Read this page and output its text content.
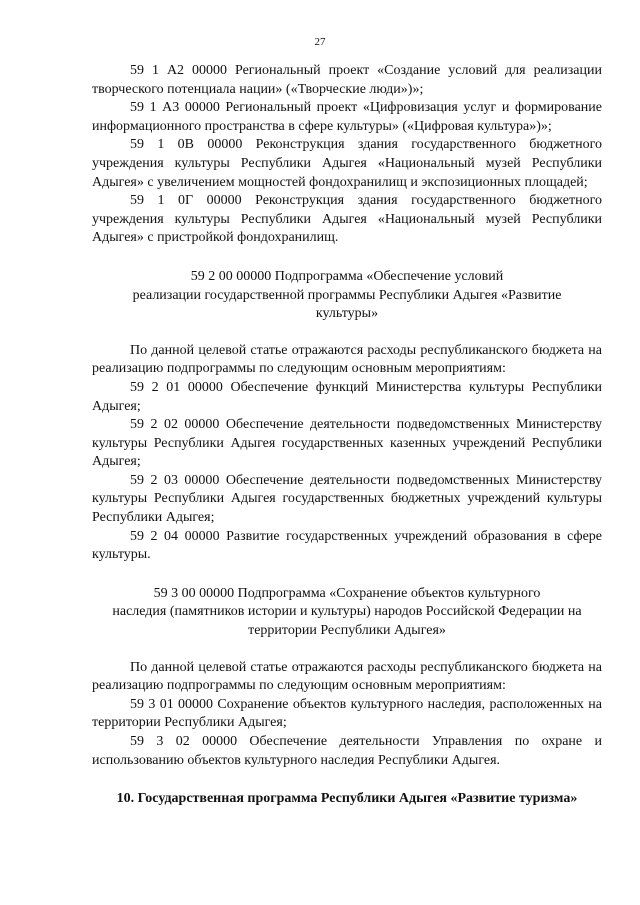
27

59 1 А2 00000 Региональный проект «Создание условий для реализации творческого потенциала нации» («Творческие люди»)»;

59 1 А3 00000 Региональный проект «Цифровизация услуг и формирование информационного пространства в сфере культуры» («Цифровая культура»)»;

59 1 0В 00000 Реконструкция здания государственного бюджетного учреждения культуры Республики Адыгея «Национальный музей Республики Адыгея» с увеличением мощностей фондохранилищ и экспозиционных площадей;

59 1 0Г 00000 Реконструкция здания государственного бюджетного учреждения культуры Республики Адыгея «Национальный музей Республики Адыгея» с пристройкой фондохранилищ.

59 2 00 00000 Подпрограмма «Обеспечение условий

реализации государственной программы Республики Адыгея «Развитие

культуры»

По данной целевой статье отражаются расходы республиканского бюджета на реализацию подпрограммы по следующим основным мероприятиям:

59 2 01 00000 Обеспечение функций Министерства культуры Республики Адыгея;

59 2 02 00000 Обеспечение деятельности подведомственных Министерству культуры Республики Адыгея государственных казенных учреждений Республики Адыгея;

59 2 03 00000 Обеспечение деятельности подведомственных Министерству культуры Республики Адыгея государственных бюджетных учреждений культуры Республики Адыгея;

59 2 04 00000 Развитие государственных учреждений образования в сфере культуры.

59 3 00 00000 Подпрограмма «Сохранение объектов культурного

наследия (памятников истории и культуры) народов Российской Федерации на

территории Республики Адыгея»

По данной целевой статье отражаются расходы республиканского бюджета на реализацию подпрограммы по следующим основным мероприятиям:

59 3 01 00000 Сохранение объектов культурного наследия, расположенных на территории Республики Адыгея;

59 3 02 00000 Обеспечение деятельности Управления по охране и использованию объектов культурного наследия Республики Адыгея.

10. Государственная программа Республики Адыгея «Развитие туризма»
